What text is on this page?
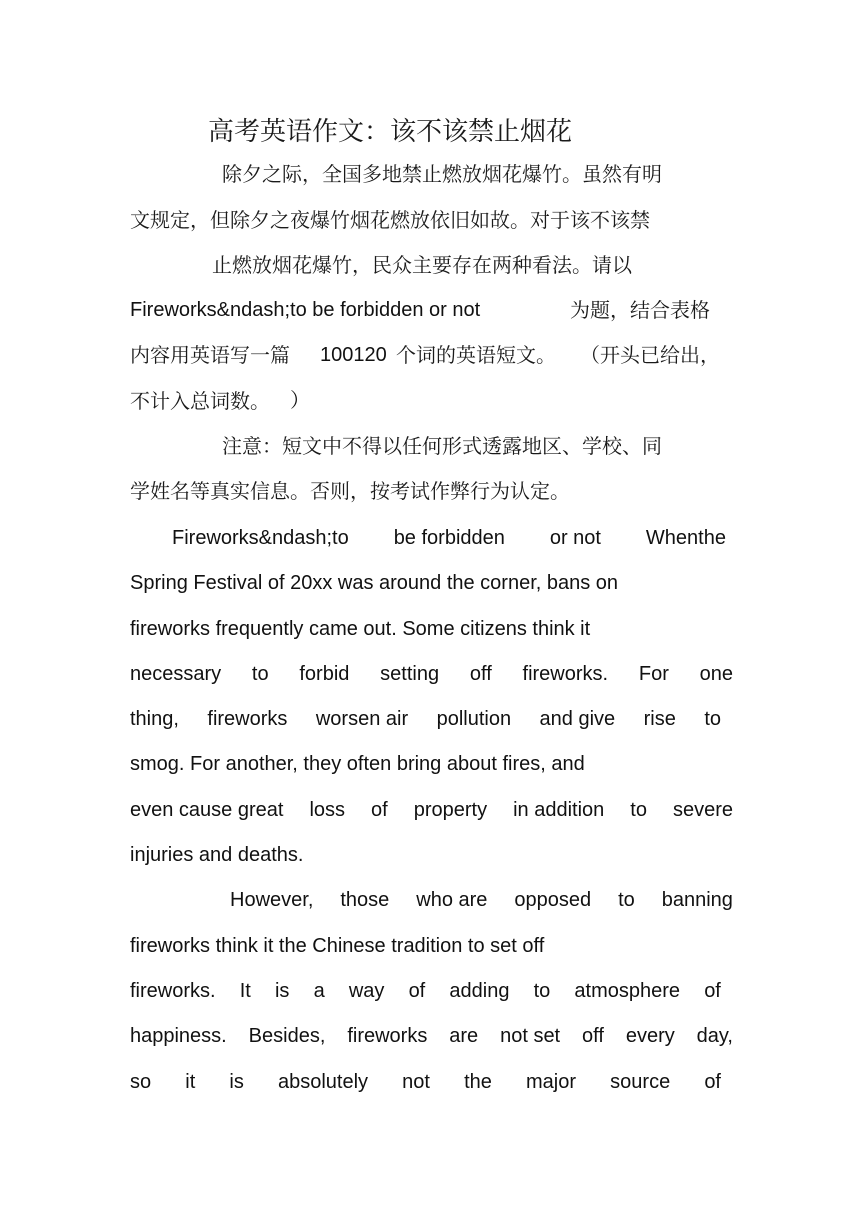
高考英语作文：该不该禁止烟花
除夕之际，全国多地禁止燃放烟花爆竹。虽然有明
文规定，但除夕之夜爆竹烟花燃放依旧如故。对于该不该禁
止燃放烟花爆竹，民众主要存在两种看法。请以
Fireworks&ndash;to be forbidden or not	为题，结合表格
内容用英语写一篇 100120 个词的英语短文。 （开头已给出，
不计入总词数。 ）
注意：短文中不得以任何形式透露地区、学校、同
学姓名等真实信息。否则，按考试作弊行为认定。
Fireworks&ndash;to be forbidden or not Whenthe
Spring Festival of 20xx was around the corner, bans on
fireworks frequently came out. Some citizens think it
necessary to forbid setting off fireworks. For one
thing, fireworks worsen air pollution and give rise to
smog. For another, they often bring about fires, and
even cause great loss of property in addition to severe
injuries and deaths.
However, those who are opposed to banning
fireworks think it the Chinese tradition to set off
fireworks. It is a way of adding to atmosphere of
happiness. Besides, fireworks are not set off every day,
so it is absolutely not the major source of
